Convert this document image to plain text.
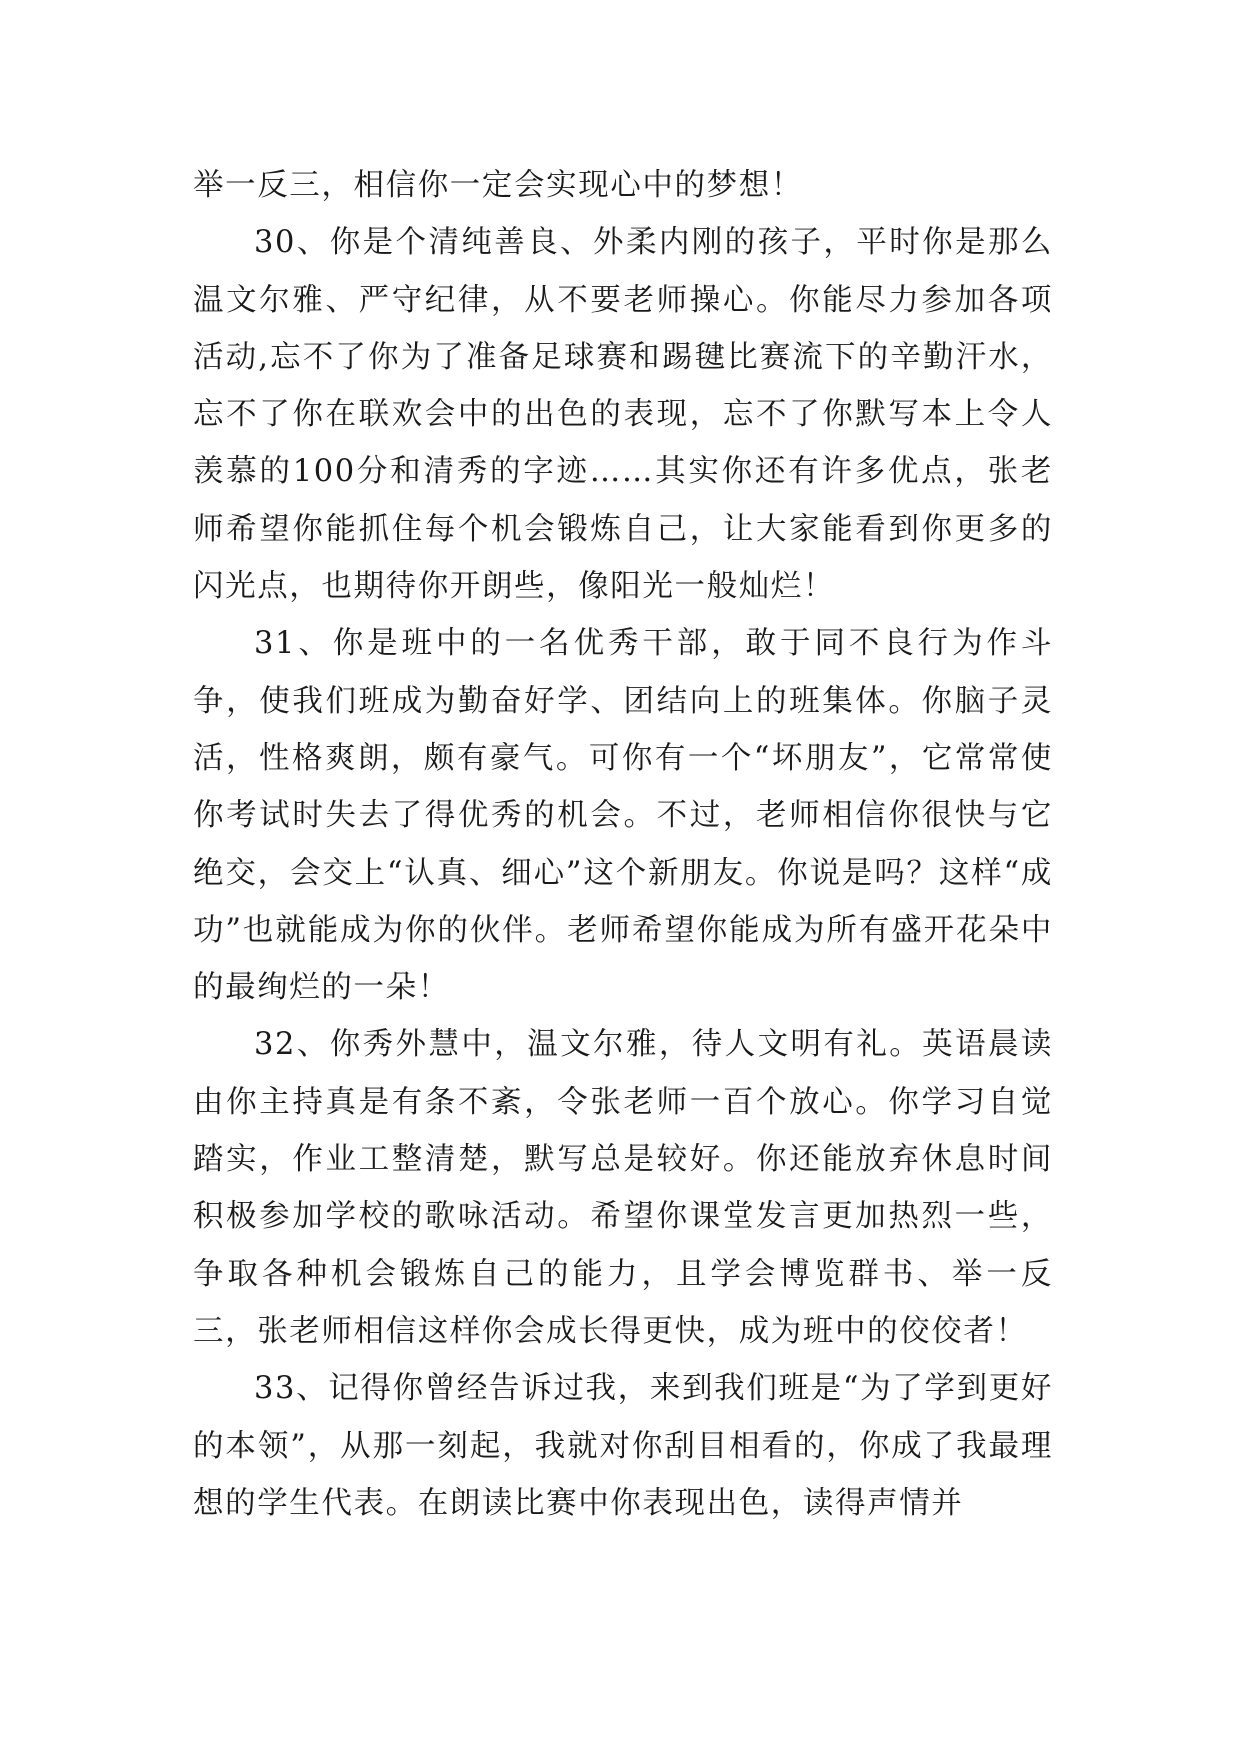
举一反三，相信你一定会实现心中的梦想！

30、你是个清纯善良、外柔内刚的孩子，平时你是那么温文尔雅、严守纪律，从不要老师操心。你能尽力参加各项活动,忘不了你为了准备足球赛和踢毽比赛流下的辛勤汗水，忘不了你在联欢会中的出色的表现，忘不了你默写本上令人羡慕的100分和清秀的字迹……其实你还有许多优点，张老师希望你能抓住每个机会锻炼自己，让大家能看到你更多的闪光点，也期待你开朗些，像阳光一般灿烂！

31、你是班中的一名优秀干部，敢于同不良行为作斗争，使我们班成为勤奋好学、团结向上的班集体。你脑子灵活，性格爽朗，颇有豪气。可你有一个“坏朋友”，它常常使你考试时失去了得优秀的机会。不过，老师相信你很快与它绝交，会交上“认真、细心”这个新朋友。你说是吗？这样“成功”也就能成为你的伙伴。老师希望你能成为所有盛开花朵中的最绚烂的一朵！

32、你秀外慧中，温文尔雅，待人文明有礼。英语晨读由你主持真是有条不紊，令张老师一百个放心。你学习自觉踏实，作业工整清楚，默写总是较好。你还能放弃休息时间积极参加学校的歌咏活动。希望你课堂发言更加热烈一些，争取各种机会锻炼自己的能力，且学会博览群书、举一反三，张老师相信这样你会成长得更快，成为班中的佼佼者！

33、记得你曾经告诉过我，来到我们班是“为了学到更好的本领”，从那一刻起，我就对你刮目相看的，你成了我最理想的学生代表。在朗读比赛中你表现出色，读得声情并
